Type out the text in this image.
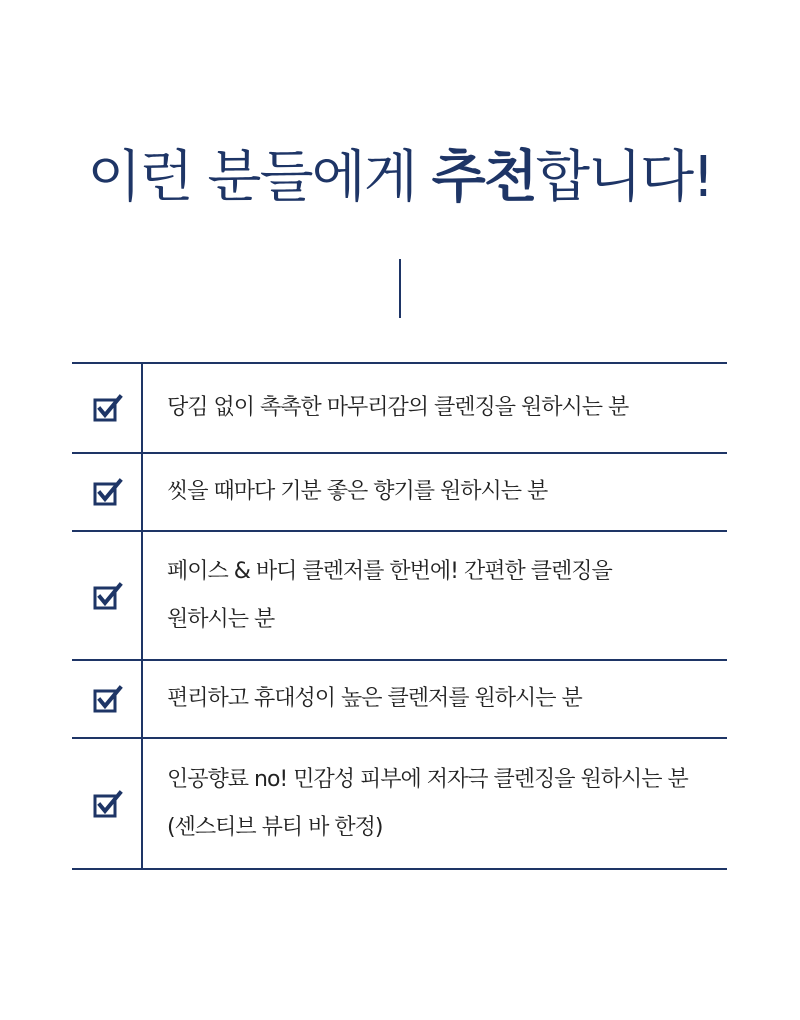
이런 분들에게 추천합니다!
당김 없이 촉촉한 마무리감의 클렌징을 원하시는 분
씻을 때마다 기분 좋은 향기를 원하시는 분
페이스 & 바디 클렌저를 한번에! 간편한 클렌징을
원하시는 분
편리하고 휴대성이 높은 클렌저를 원하시는 분
인공향료 no! 민감성 피부에 저자극 클렌징을 원하시는 분
(센스티브 뷰티 바 한정)
